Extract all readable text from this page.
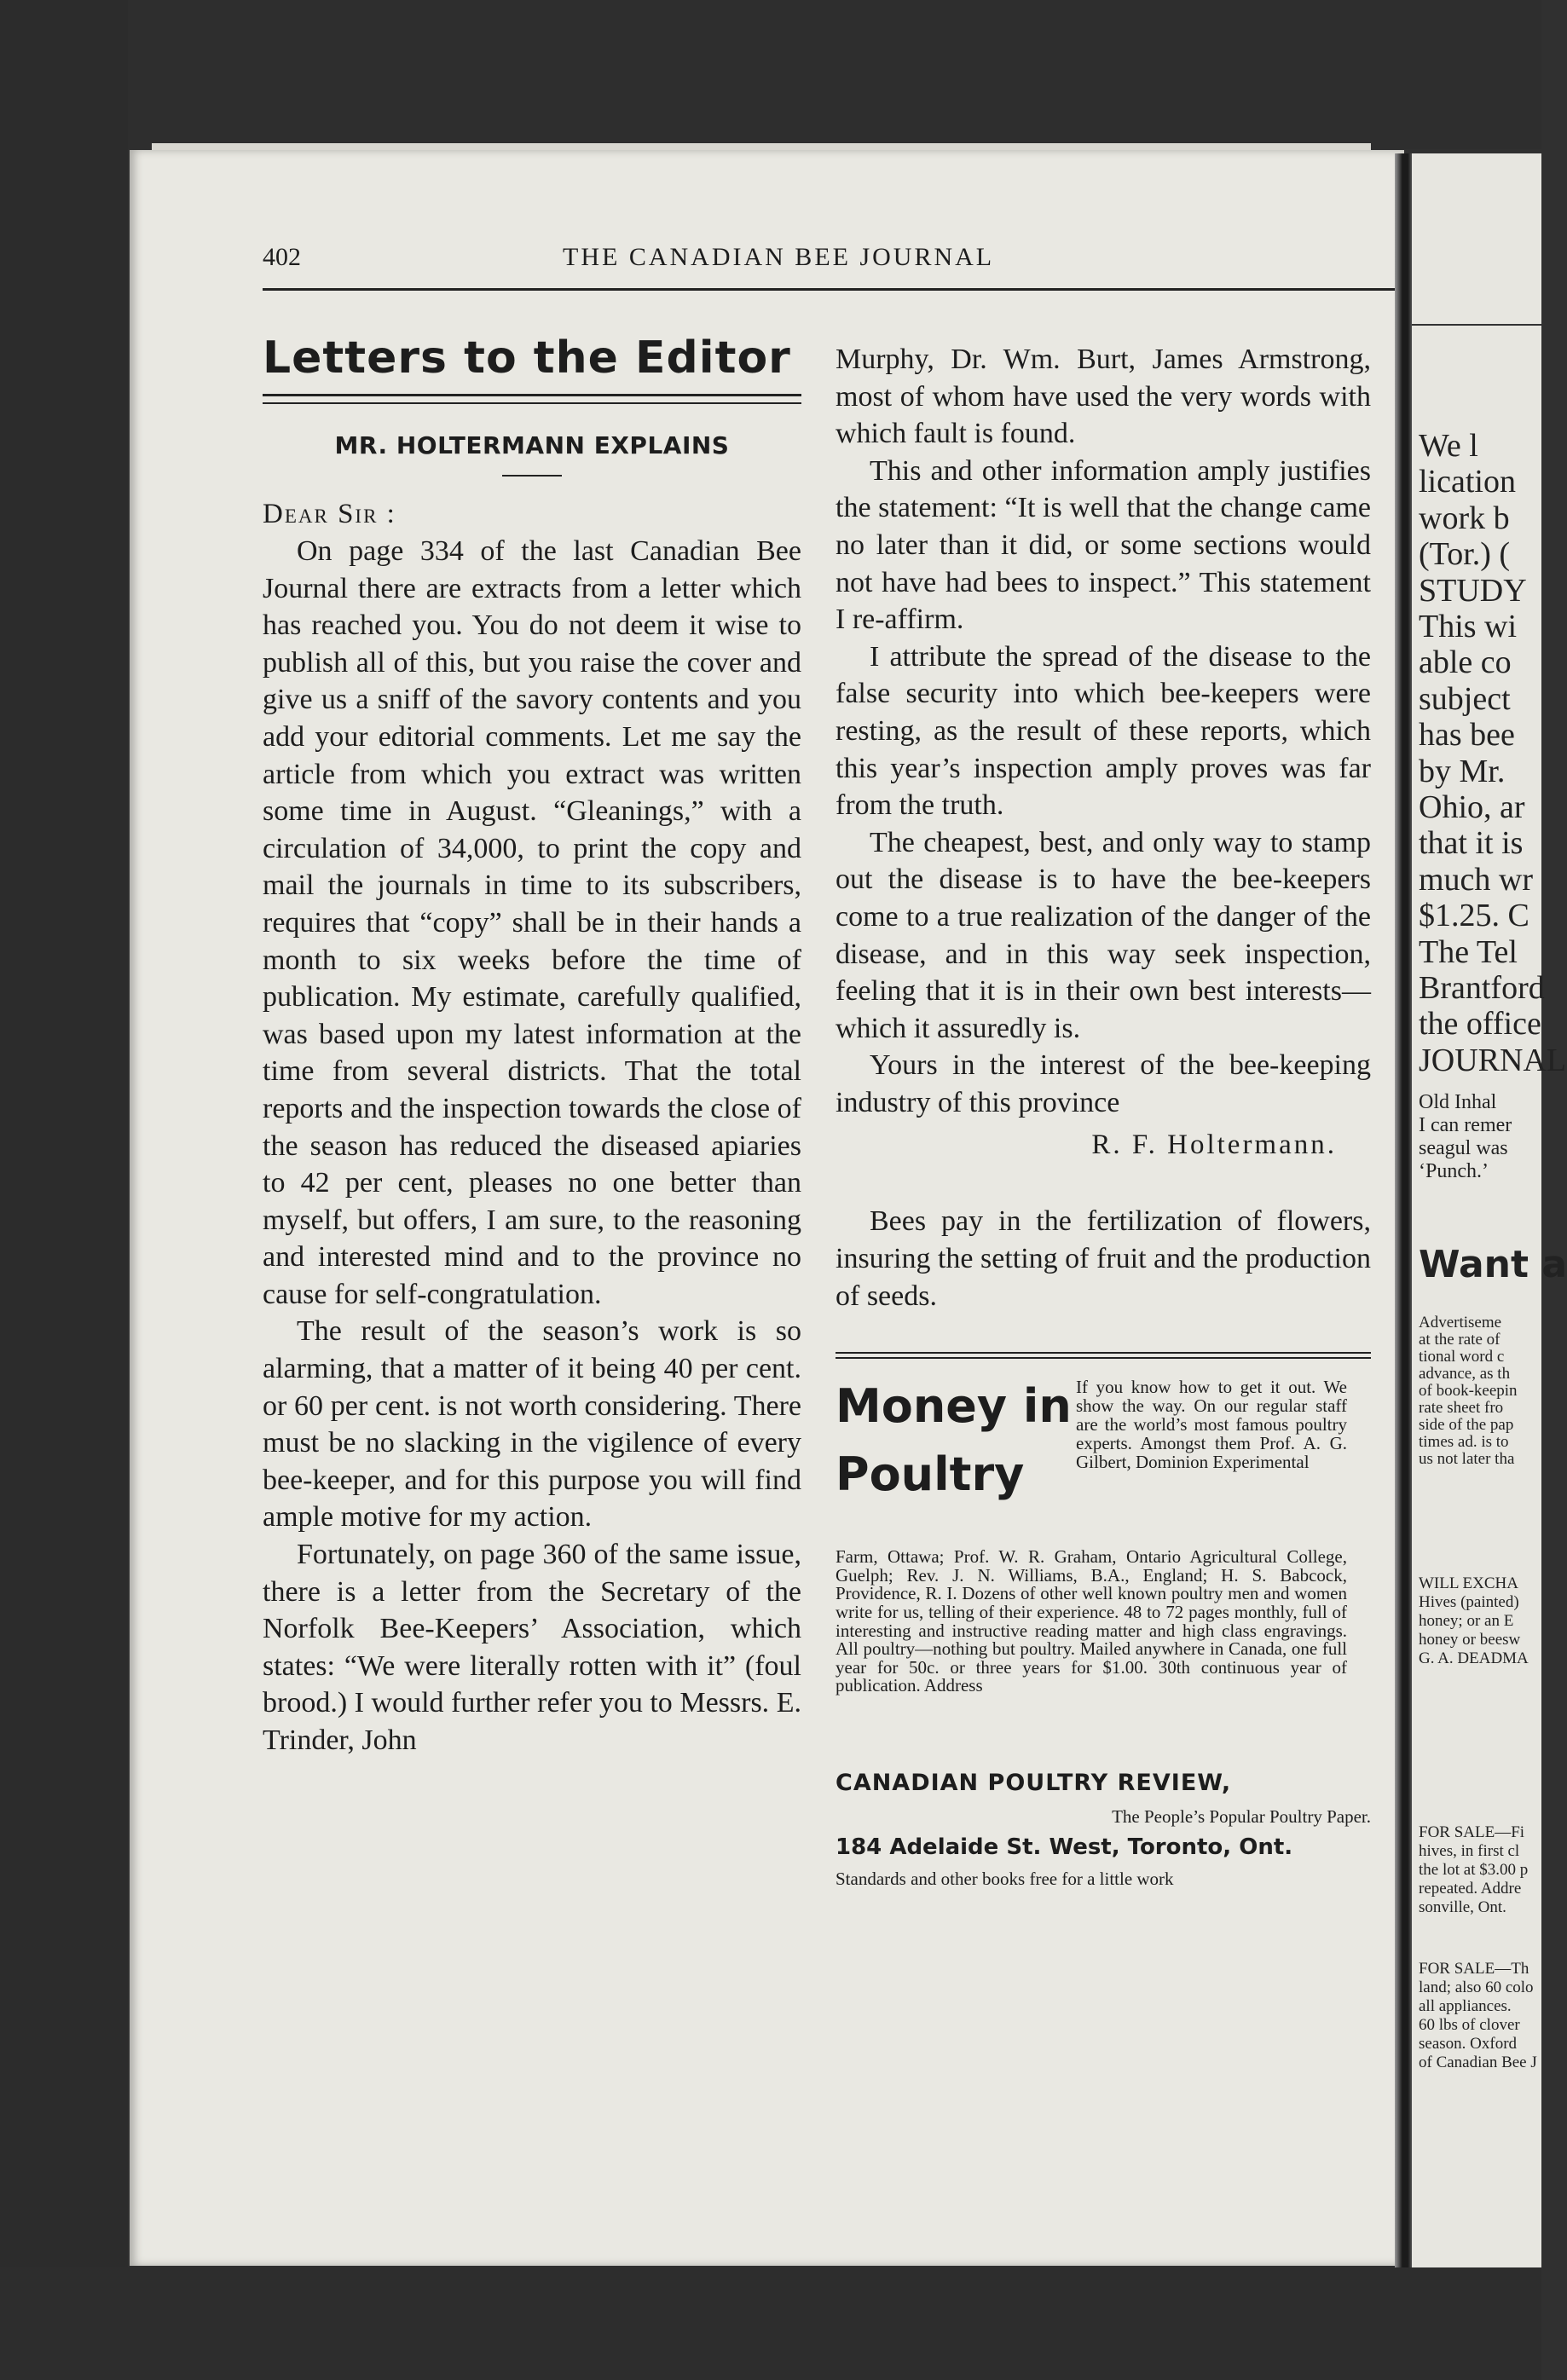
402	THE CANADIAN BEE JOURNAL
Letters to the Editor
MR. HOLTERMANN EXPLAINS

Dear Sir :

On page 334 of the last Canadian Bee Journal there are extracts from a letter which has reached you. You do not deem it wise to publish all of this, but you raise the cover and give us a sniff of the savory contents and you add your editorial comments. Let me say the article from which you extract was written some time in August. “Gleanings,” with a circulation of 34,000, to print the copy and mail the journals in time to its subscribers, requires that “copy” shall be in their hands a month to six weeks before the time of publication. My estimate, carefully qualified, was based upon my latest information at the time from several districts. That the total reports and the inspection towards the close of the season has reduced the diseased apiaries to 42 per cent, pleases no one better than myself, but offers, I am sure, to the reasoning and interested mind and to the province no cause for self-congratulation.

The result of the season’s work is so alarming, that a matter of it being 40 per cent. or 60 per cent. is not worth considering. There must be no slacking in the vigilence of every bee-keeper, and for this purpose you will find ample motive for my action.

Fortunately, on page 360 of the same issue, there is a letter from the Secretary of the Norfolk Bee-Keepers’ Association, which states: “We were literally rotten with it” (foul brood.) I would further refer you to Messrs. E. Trinder, John

Murphy, Dr. Wm. Burt, James Armstrong, most of whom have used the very words with which fault is found.

This and other information amply justifies the statement: “It is well that the change came no later than it did, or some sections would not have had bees to inspect.” This statement I re-affirm.

I attribute the spread of the disease to the false security into which bee-keepers were resting, as the result of these reports, which this year’s inspection amply proves was far from the truth.

The cheapest, best, and only way to stamp out the disease is to have the bee-keepers come to a true realization of the danger of the disease, and in this way seek inspection, feeling that it is in their own best interests—which it assuredly is.

Yours in the interest of the bee-keeping industry of this province

R. F. Holtermann.

Bees pay in the fertilization of flowers, insuring the setting of fruit and the production of seeds.

Money in
Poultry
If you know how to get it out. We show the way. On our regular staff are the world’s most famous poultry experts. Amongst them Prof. A. G. Gilbert, Dominion Experimental
Farm, Ottawa; Prof. W. R. Graham, Ontario Agricultural College, Guelph; Rev. J. N. Williams, B.A., England; H. S. Babcock, Providence, R. I. Dozens of other well known poultry men and women write for us, telling of their experience. 48 to 72 pages monthly, full of interesting and instructive reading matter and high class engravings. All poultry—nothing but poultry. Mailed anywhere in Canada, one full year for 50c. or three years for $1.00. 30th continuous year of publication. Address
CANADIAN POULTRY REVIEW,
The People’s Popular Poultry Paper.
184 Adelaide St. West, Toronto, Ont.
Standards and other books free for a little work
We l
lication
work b
(Tor.) (
STUDY
This wi
able co
subject
has bee
by Mr.
Ohio, ar
that it is
much wr
$1.25. C
The Tel
Brantford
the office
JOURNAL
Old Inhal
I can remer
seagul was
‘Punch.’
Want a
Advertiseme
at the rate of
tional word c
advance, as th
of book-keepin
rate sheet fro
side of the pap
times ad. is to
us not later tha
WILL EXCHA
Hives (painted)
honey; or an E
honey or beesw
G. A. DEADMA
FOR SALE—Fi
hives, in first cl
the lot at $3.00 p
repeated. Addre
sonville, Ont.
FOR SALE—Th
land; also 60 colo
all appliances.
60 lbs of clover
season. Oxford
of Canadian Bee J
